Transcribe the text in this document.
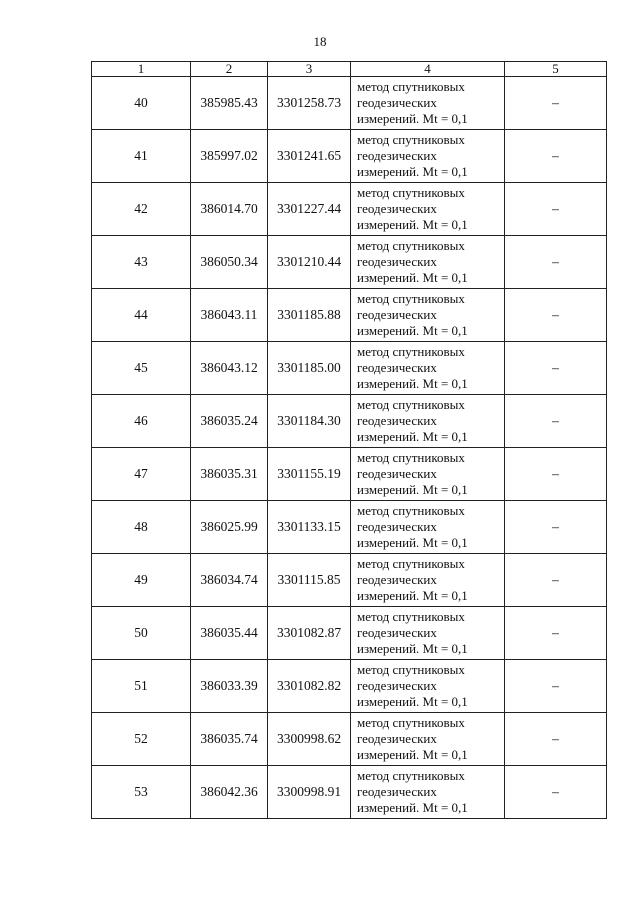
18
1	2	3	4	5
40	385985.43	3301258.73	метод спутниковых
геодезических
измерений. Mt = 0,1	–
41	385997.02	3301241.65	метод спутниковых
геодезических
измерений. Mt = 0,1	–
42	386014.70	3301227.44	метод спутниковых
геодезических
измерений. Mt = 0,1	–
43	386050.34	3301210.44	метод спутниковых
геодезических
измерений. Mt = 0,1	–
44	386043.11	3301185.88	метод спутниковых
геодезических
измерений. Mt = 0,1	–
45	386043.12	3301185.00	метод спутниковых
геодезических
измерений. Mt = 0,1	–
46	386035.24	3301184.30	метод спутниковых
геодезических
измерений. Mt = 0,1	–
47	386035.31	3301155.19	метод спутниковых
геодезических
измерений. Mt = 0,1	–
48	386025.99	3301133.15	метод спутниковых
геодезических
измерений. Mt = 0,1	–
49	386034.74	3301115.85	метод спутниковых
геодезических
измерений. Mt = 0,1	–
50	386035.44	3301082.87	метод спутниковых
геодезических
измерений. Mt = 0,1	–
51	386033.39	3301082.82	метод спутниковых
геодезических
измерений. Mt = 0,1	–
52	386035.74	3300998.62	метод спутниковых
геодезических
измерений. Mt = 0,1	–
53	386042.36	3300998.91	метод спутниковых
геодезических
измерений. Mt = 0,1	–
